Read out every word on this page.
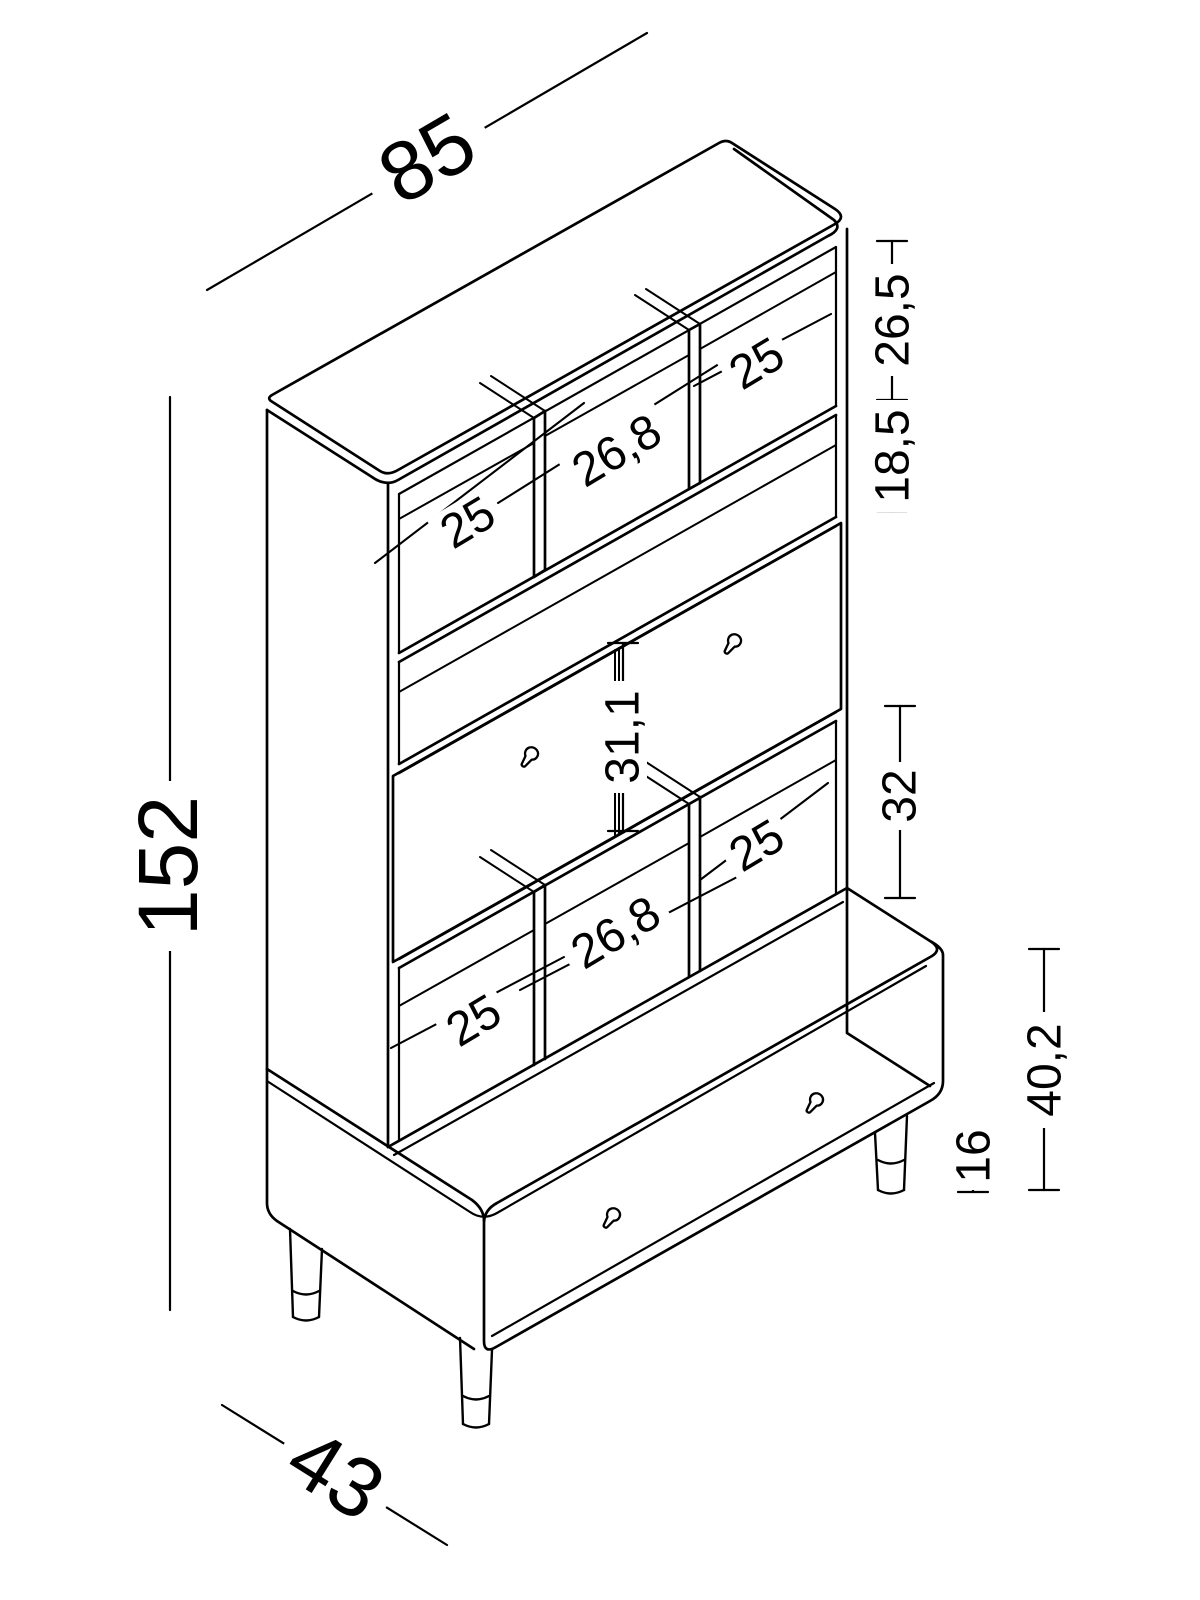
85
152
43
26,5
18,5
31,1
32
40,2
16
25
26,8
25
25
26,8
25
